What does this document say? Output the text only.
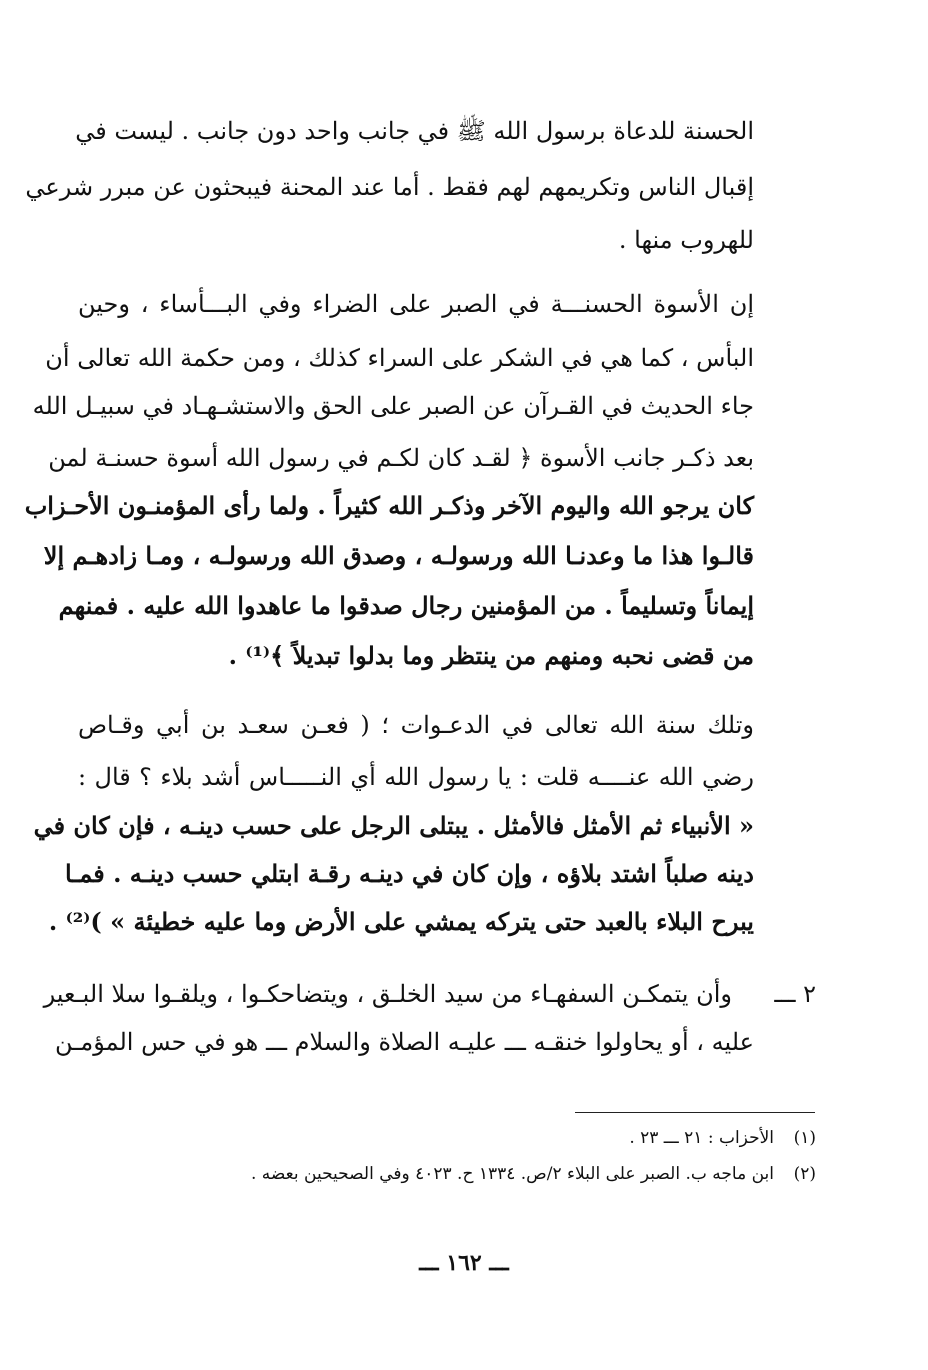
الحسنة للدعاة برسول الله ﷺ في جانب واحد دون جانب . ليست في
إقبال الناس وتكريمهم لهم فقط . أما عند المحنة فيبحثون عن مبرر شرعي
للهروب منها .
إن الأسوة الحسنـــة في الصبر على الضراء وفي البـــأساء ، وحين
البأس ، كما هي في الشكر على السراء كذلك ، ومن حكمة الله تعالى أن
جاء الحديث في القـرآن عن الصبر على الحق والاستشـهـاد في سبيـل الله
بعد ذكـر جانب الأسوة ﴿ لقـد كان لكـم في رسول الله أسوة حسنـة لمن
كان يرجو الله واليوم الآخر وذكـر الله كثيراً . ولما رأى المؤمنـون الأحـزاب
قالـوا هذا ما وعدنـا الله ورسولـه ، وصدق الله ورسولـه ، ومـا زادهـم إلا
إيماناً وتسليماً . من المؤمنين رجال صدقوا ما عاهدوا الله عليه . فمنهم
من قضى نحبه ومنهم من ينتظر وما بدلوا تبديلاً ﴾⁽¹⁾ .
وتلك سنة الله تعالى في الدعـوات ؛ ( فعـن سعـد بن أبي وقـاص
رضي الله عنــــه قلت : يا رسول الله أي النـــــاس أشد بلاء ؟ قال :
« الأنبياء ثم الأمثل فالأمثل . يبتلى الرجل على حسب دينـه ، فإن كان في
دينه صلباً اشتد بلاؤه ، وإن كان في دينـه رقـة ابتلي حسب دينـه . فمـا
يبرح البلاء بالعبد حتى يتركه يمشي على الأرض وما عليه خطيئة » )⁽²⁾ .
٢ ـــ
وأن يتمكـن السفهـاء من سيد الخلـق ، ويتضاحكـوا ، ويلقـوا سلا البـعير
عليه ، أو يحاولوا خنقـه ـــ عليـه الصلاة والسلام ـــ هو في حس المؤمـن
(١)الأحزاب : ٢١ ـــ ٢٣ .
(٢)ابن ماجه ب. الصبر على البلاء ٢/ص. ١٣٣٤ ح. ٤٠٢٣ وفي الصحيحين بعضه .
ـــ ١٦٢ ـــ
